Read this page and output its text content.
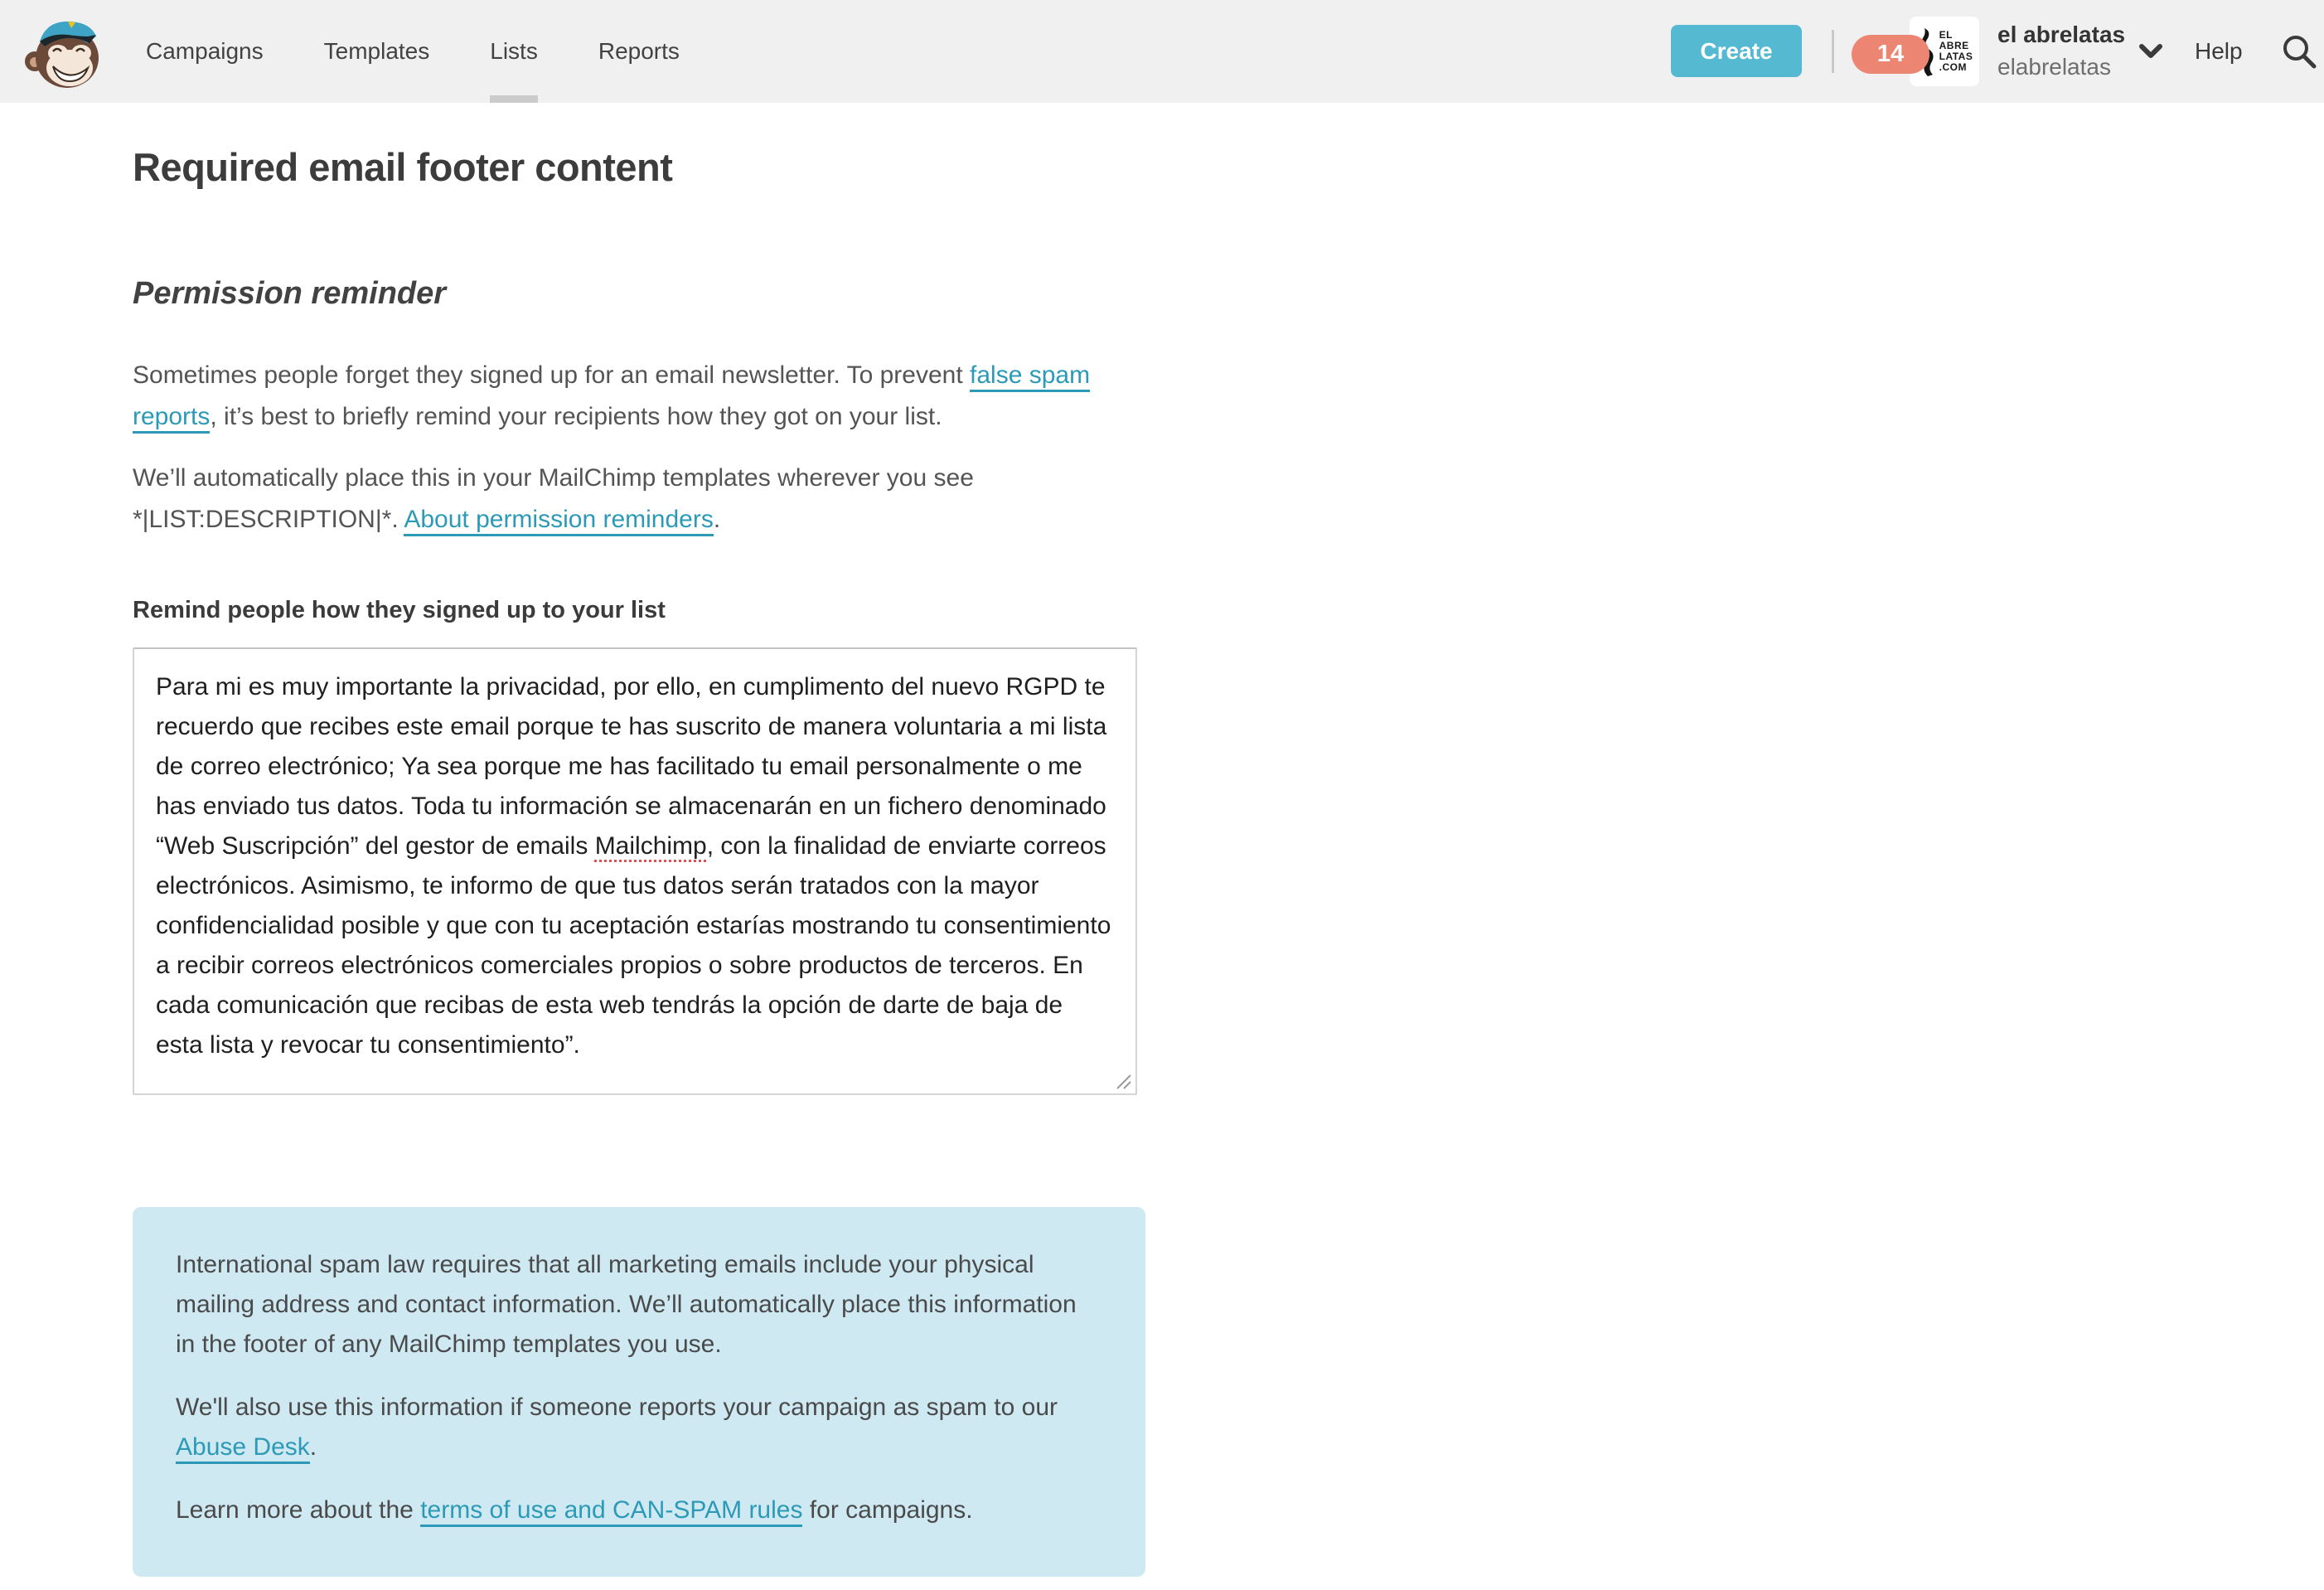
Campaigns	Templates	Lists	Reports	Create	14
EL
ABRE
LATAS
.COM
el abrelatas
elabrelatas
Help
Required email footer content
Permission reminder

Sometimes people forget they signed up for an email newsletter. To prevent false spam reports, it’s best to briefly remind your recipients how they got on your list.

We’ll automatically place this in your MailChimp templates wherever you see *|LIST:DESCRIPTION|*. About permission reminders.

Remind people how they signed up to your list
Para mi es muy importante la privacidad, por ello, en cumplimento del nuevo RGPD te recuerdo que recibes este email porque te has suscrito de manera voluntaria a mi lista de correo electrónico; Ya sea porque me has facilitado tu email personalmente o me has enviado tus datos. Toda tu información se almacenarán en un fichero denominado “Web Suscripción” del gestor de emails Mailchimp, con la finalidad de enviarte correos electrónicos. Asimismo, te informo de que tus datos serán tratados con la mayor confidencialidad posible y que con tu aceptación estarías mostrando tu consentimiento a recibir correos electrónicos comerciales propios o sobre productos de terceros. En cada comunicación que recibas de esta web tendrás la opción de darte de baja de esta lista y revocar tu consentimiento”.

International spam law requires that all marketing emails include your physical mailing address and contact information. We’ll automatically place this information in the footer of any MailChimp templates you use.

We'll also use this information if someone reports your campaign as spam to our Abuse Desk.

Learn more about the terms of use and CAN-SPAM rules for campaigns.
